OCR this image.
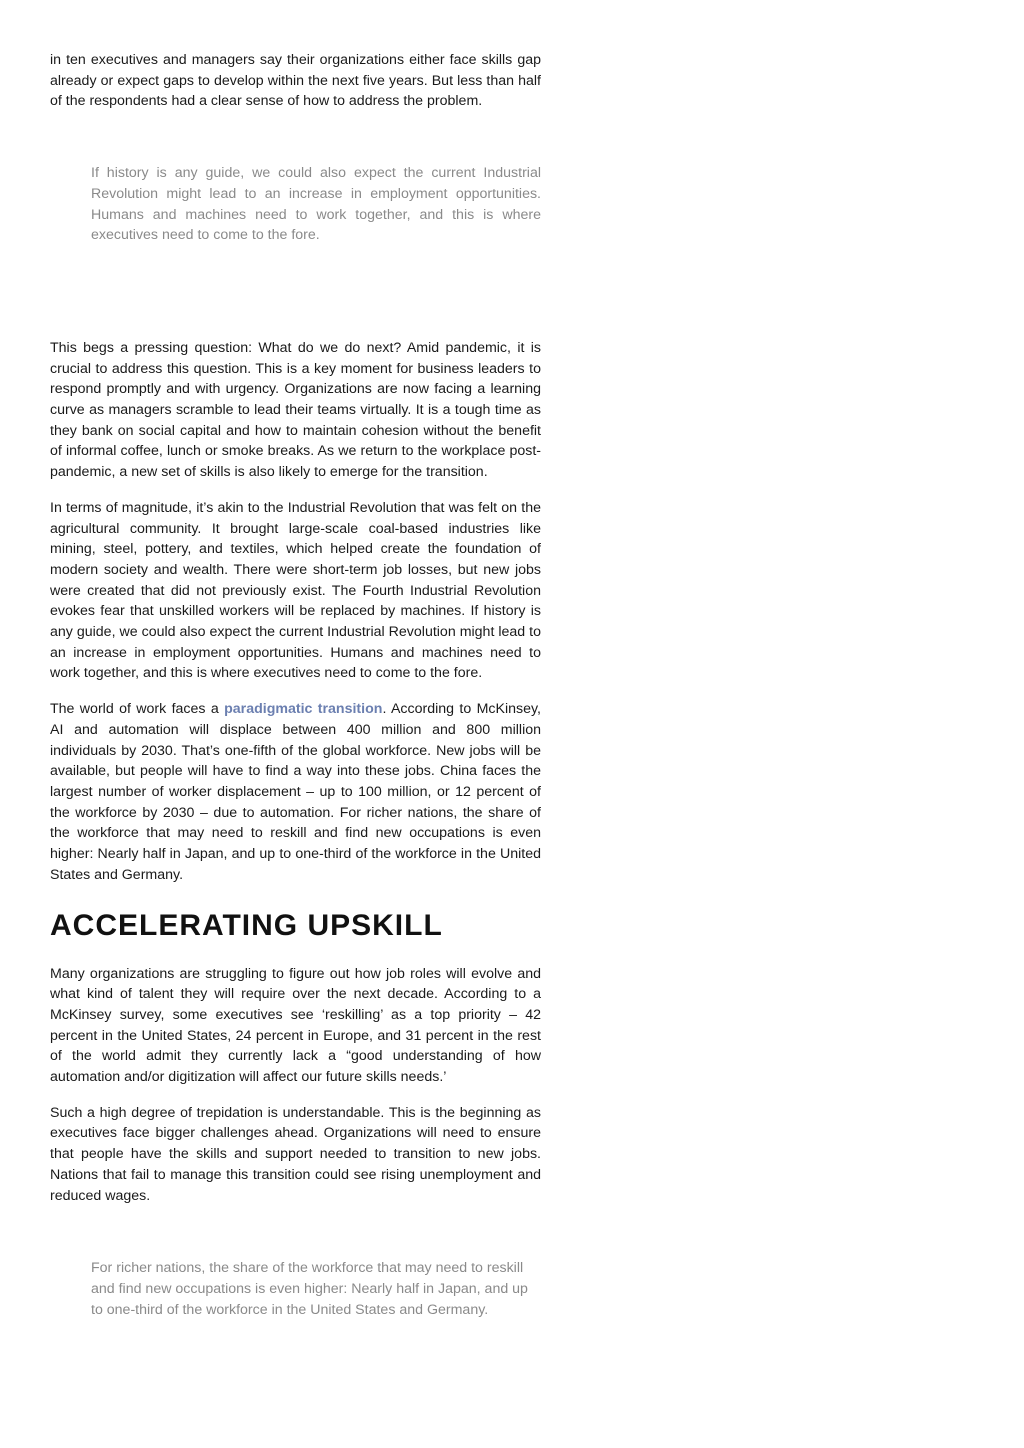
in ten executives and managers say their organizations either face skills gap already or expect gaps to develop within the next five years. But less than half of the respondents had a clear sense of how to address the problem.

If history is any guide, we could also expect the current Industrial Revolution might lead to an increase in employment opportunities. Humans and machines need to work together, and this is where executives need to come to the fore.

This begs a pressing question: What do we do next? Amid pandemic, it is crucial to address this question. This is a key moment for business leaders to respond promptly and with urgency. Organizations are now facing a learning curve as managers scramble to lead their teams virtually. It is a tough time as they bank on social capital and how to maintain cohesion without the benefit of informal coffee, lunch or smoke breaks. As we return to the workplace post-pandemic, a new set of skills is also likely to emerge for the transition.

In terms of magnitude, it’s akin to the Industrial Revolution that was felt on the agricultural community. It brought large-scale coal-based industries like mining, steel, pottery, and textiles, which helped create the foundation of modern society and wealth. There were short-term job losses, but new jobs were created that did not previously exist. The Fourth Industrial Revolution evokes fear that unskilled workers will be replaced by machines. If history is any guide, we could also expect the current Industrial Revolution might lead to an increase in employment opportunities. Humans and machines need to work together, and this is where executives need to come to the fore.

The world of work faces a paradigmatic transition. According to McKinsey, AI and automation will displace between 400 million and 800 million individuals by 2030. That’s one-fifth of the global workforce. New jobs will be available, but people will have to find a way into these jobs. China faces the largest number of worker displacement – up to 100 million, or 12 percent of the workforce by 2030 – due to automation. For richer nations, the share of the workforce that may need to reskill and find new occupations is even higher: Nearly half in Japan, and up to one-third of the workforce in the United States and Germany.

ACCELERATING UPSKILL

Many organizations are struggling to figure out how job roles will evolve and what kind of talent they will require over the next decade. According to a McKinsey survey, some executives see ‘reskilling’ as a top priority – 42 percent in the United States, 24 percent in Europe, and 31 percent in the rest of the world admit they currently lack a “good understanding of how automation and/or digitization will affect our future skills needs.’

Such a high degree of trepidation is understandable. This is the beginning as executives face bigger challenges ahead. Organizations will need to ensure that people have the skills and support needed to transition to new jobs. Nations that fail to manage this transition could see rising unemployment and reduced wages.

For richer nations, the share of the workforce that may need to reskill and find new occupations is even higher: Nearly half in Japan, and up to one-third of the workforce in the United States and Germany.
